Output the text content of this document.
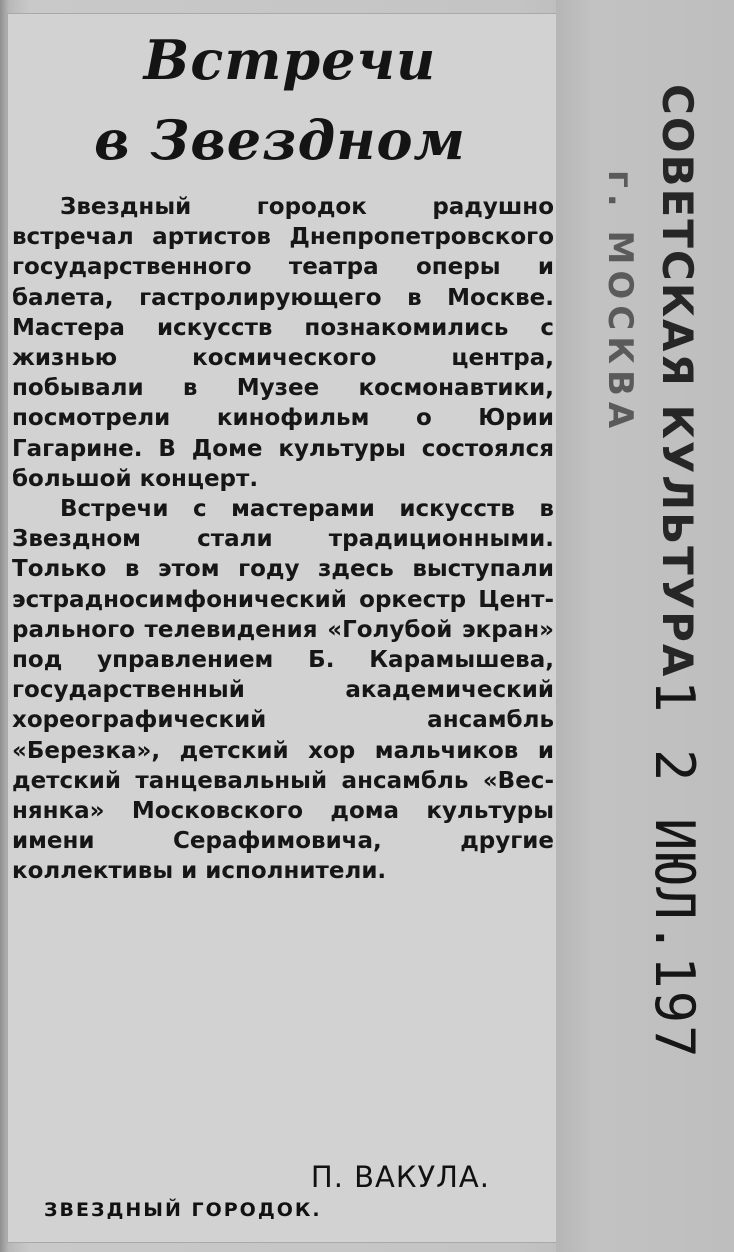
Встречи
в Звездном

Звездный городок радушно встречал артистов Днепропетровского государственного театра оперы и балета, гастролирующего в Москве. Мастера искусств познакомились с жизнью космического центра, побывали в Музее космонавтики, посмотрели кинофильм о Юрии Гагарине. В Доме культуры состоялся большой концерт.

Встречи с мастерами искусств в Звездном стали традиционными. Только в этом году здесь выступали эстрадносимфонический оркестр Центрального телевидения «Голубой экран» под управлением Б. Карамышева, государственный академический хореографический ансамбль «Березка», детский хор мальчиков и детский танцевальный ансамбль «Веснянка» Московского дома культуры имени Серафимовича, другие коллективы и исполнители.

П. ВАКУЛА.

ЗВЕЗДНЫЙ ГОРОДОК.

СОВЕТСКАЯ КУЛЬТУРА
г. МОСКВА
1 2 ИЮЛ.197
